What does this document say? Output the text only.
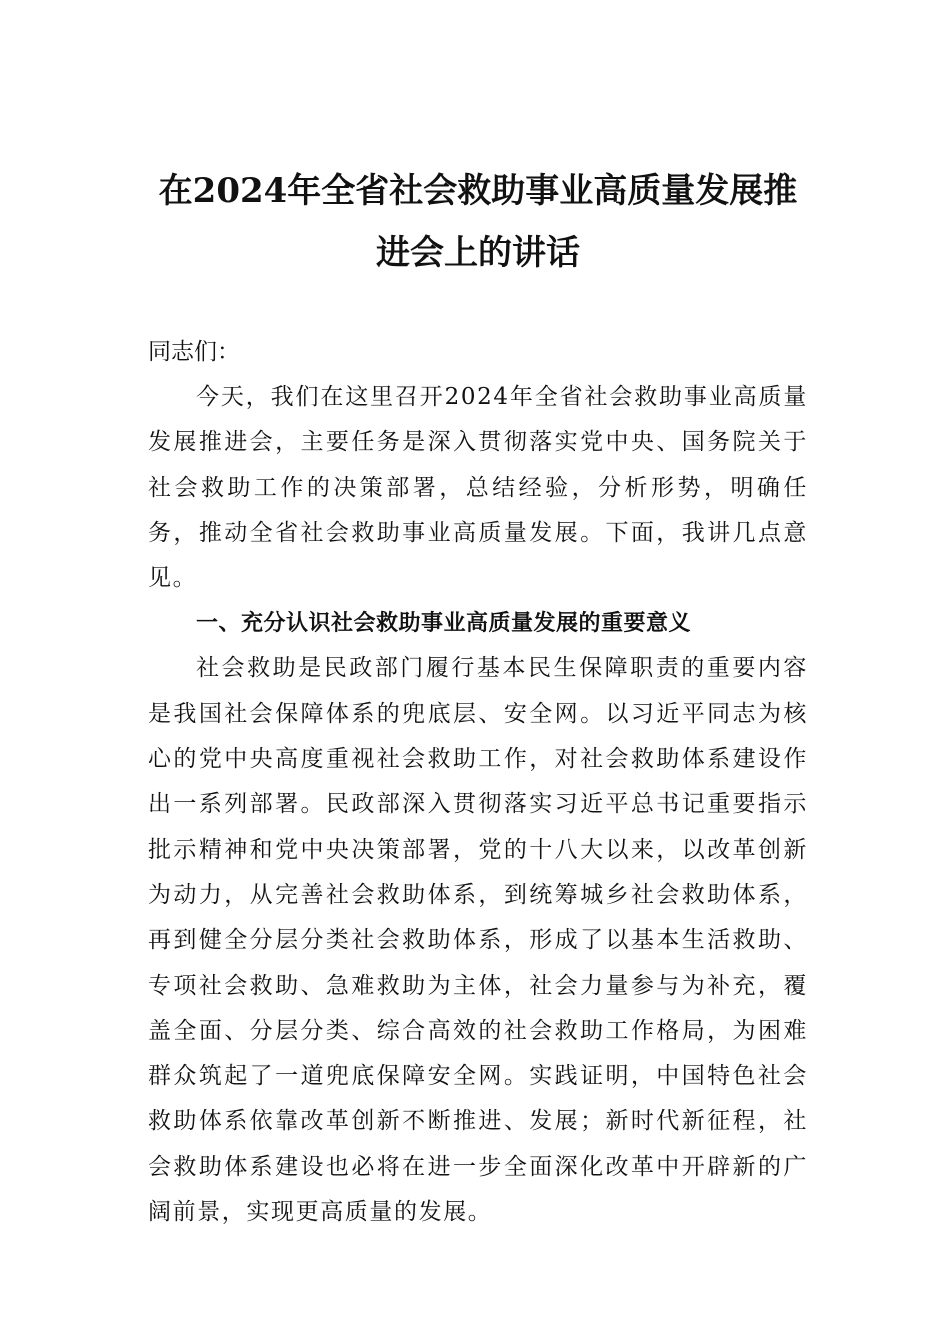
在2024年全省社会救助事业高质量发展推进会上的讲话

同志们：

今天，我们在这里召开2024年全省社会救助事业高质量发展推进会，主要任务是深入贯彻落实党中央、国务院关于社会救助工作的决策部署，总结经验，分析形势，明确任务，推动全省社会救助事业高质量发展。下面，我讲几点意见。

一、充分认识社会救助事业高质量发展的重要意义

社会救助是民政部门履行基本民生保障职责的重要内容是我国社会保障体系的兜底层、安全网。以习近平同志为核心的党中央高度重视社会救助工作，对社会救助体系建设作出一系列部署。民政部深入贯彻落实习近平总书记重要指示批示精神和党中央决策部署，党的十八大以来，以改革创新为动力，从完善社会救助体系，到统筹城乡社会救助体系，再到健全分层分类社会救助体系，形成了以基本生活救助、专项社会救助、急难救助为主体，社会力量参与为补充，覆盖全面、分层分类、综合高效的社会救助工作格局，为困难群众筑起了一道兜底保障安全网。实践证明，中国特色社会救助体系依靠改革创新不断推进、发展；新时代新征程，社会救助体系建设也必将在进一步全面深化改革中开辟新的广阔前景，实现更高质量的发展。
